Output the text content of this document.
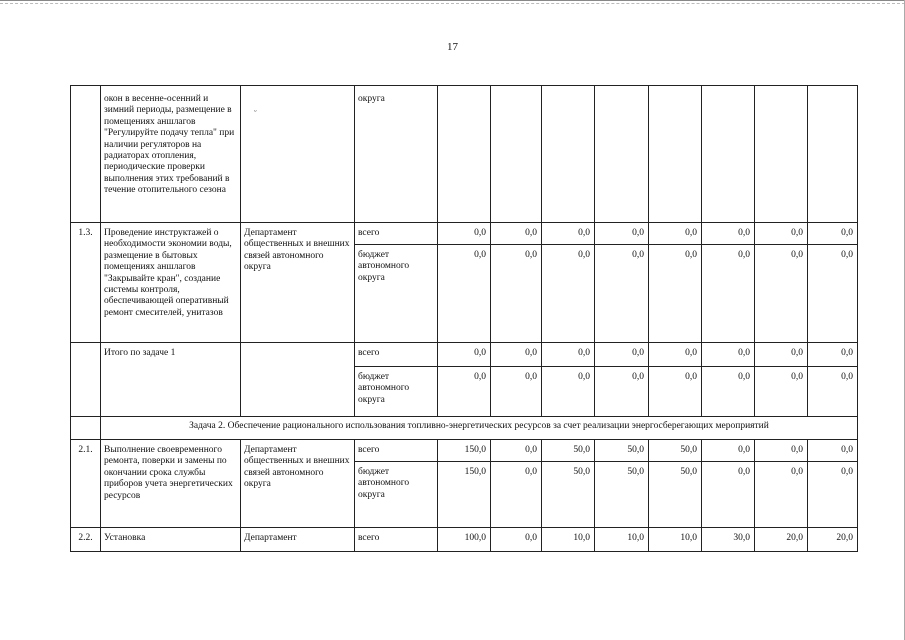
17
	окон в весенне-осенний и зимний периоды, размещение в помещениях аншлагов "Регулируйте подачу тепла" при наличии регуляторов на радиаторах отопления, периодические проверки выполнения этих требований в течение отопительного сезона	ᵕ	округа								
1.3.	Проведение инструктажей о необходимости экономии воды, размещение в бытовых помещениях аншлагов "Закрывайте кран", создание системы контроля, обеспечивающей оперативный ремонт смесителей, унитазов	Департамент общественных и внешних связей автономного округа	всего	0,0	0,0	0,0	0,0	0,0	0,0	0,0	0,0
			бюджет автономного округа	0,0	0,0	0,0	0,0	0,0	0,0	0,0	0,0
	Итого по задаче 1		всего	0,0	0,0	0,0	0,0	0,0	0,0	0,0	0,0
			бюджет автономного округа	0,0	0,0	0,0	0,0	0,0	0,0	0,0	0,0
	Задача 2. Обеспечение рационального использования топливно-энергетических ресурсов за счет реализации энергосберегающих мероприятий										
2.1.	Выполнение своевременного ремонта, поверки и замены по окончании срока службы приборов учета энергетических ресурсов	Департамент общественных и внешних связей автономного округа	всего	150,0	0,0	50,0	50,0	50,0	0,0	0,0	0,0
			бюджет автономного округа	150,0	0,0	50,0	50,0	50,0	0,0	0,0	0,0
2.2.	Установка	Департамент	всего	100,0	0,0	10,0	10,0	10,0	30,0	20,0	20,0
